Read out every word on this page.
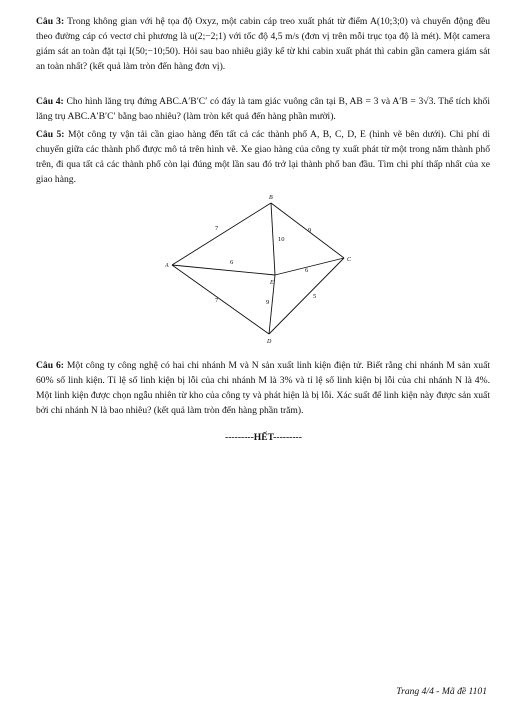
Câu 3: Trong không gian với hệ tọa độ Oxyz, một cabin cáp treo xuất phát từ điểm A(10;3;0) và chuyển động đều theo đường cáp có vectơ chỉ phương là u(2;−2;1) với tốc độ 4,5 m/s (đơn vị trên mỗi trục tọa độ là mét). Một camera giám sát an toàn đặt tại I(50;−10;50). Hỏi sau bao nhiêu giây kể từ khi cabin xuất phát thì cabin gần camera giám sát an toàn nhất? (kết quả làm tròn đến hàng đơn vị).

Câu 4: Cho hình lăng trụ đứng ABC.A′B′C′ có đáy là tam giác vuông cân tại B, AB = 3 và A′B = 3√3. Thể tích khối lăng trụ ABC.A′B′C′ bằng bao nhiêu? (làm tròn kết quả đến hàng phần mười).

Câu 5: Một công ty vận tải cần giao hàng đến tất cả các thành phố A, B, C, D, E (hình vẽ bên dưới). Chi phí di chuyển giữa các thành phố được mô tả trên hình vẽ. Xe giao hàng của công ty xuất phát từ một trong năm thành phố trên, đi qua tất cả các thành phố còn lại đúng một lần sau đó trở lại thành phố ban đầu. Tìm chi phí thấp nhất của xe giao hàng.

B
A
C
D
E
7
10
9
6
6
7	9
5

Câu 6: Một công ty công nghệ có hai chi nhánh M và N sản xuất linh kiện điện tử. Biết rằng chi nhánh M sản xuất 60% số linh kiện. Tỉ lệ số linh kiện bị lỗi của chi nhánh M là 3% và tỉ lệ số linh kiện bị lỗi của chi nhánh N là 4%. Một linh kiện được chọn ngẫu nhiên từ kho của công ty và phát hiện là bị lỗi. Xác suất để linh kiện này được sản xuất bởi chi nhánh N là bao nhiêu? (kết quả làm tròn đến hàng phần trăm).

---------HẾT---------
Trang 4/4 - Mã đề 1101
